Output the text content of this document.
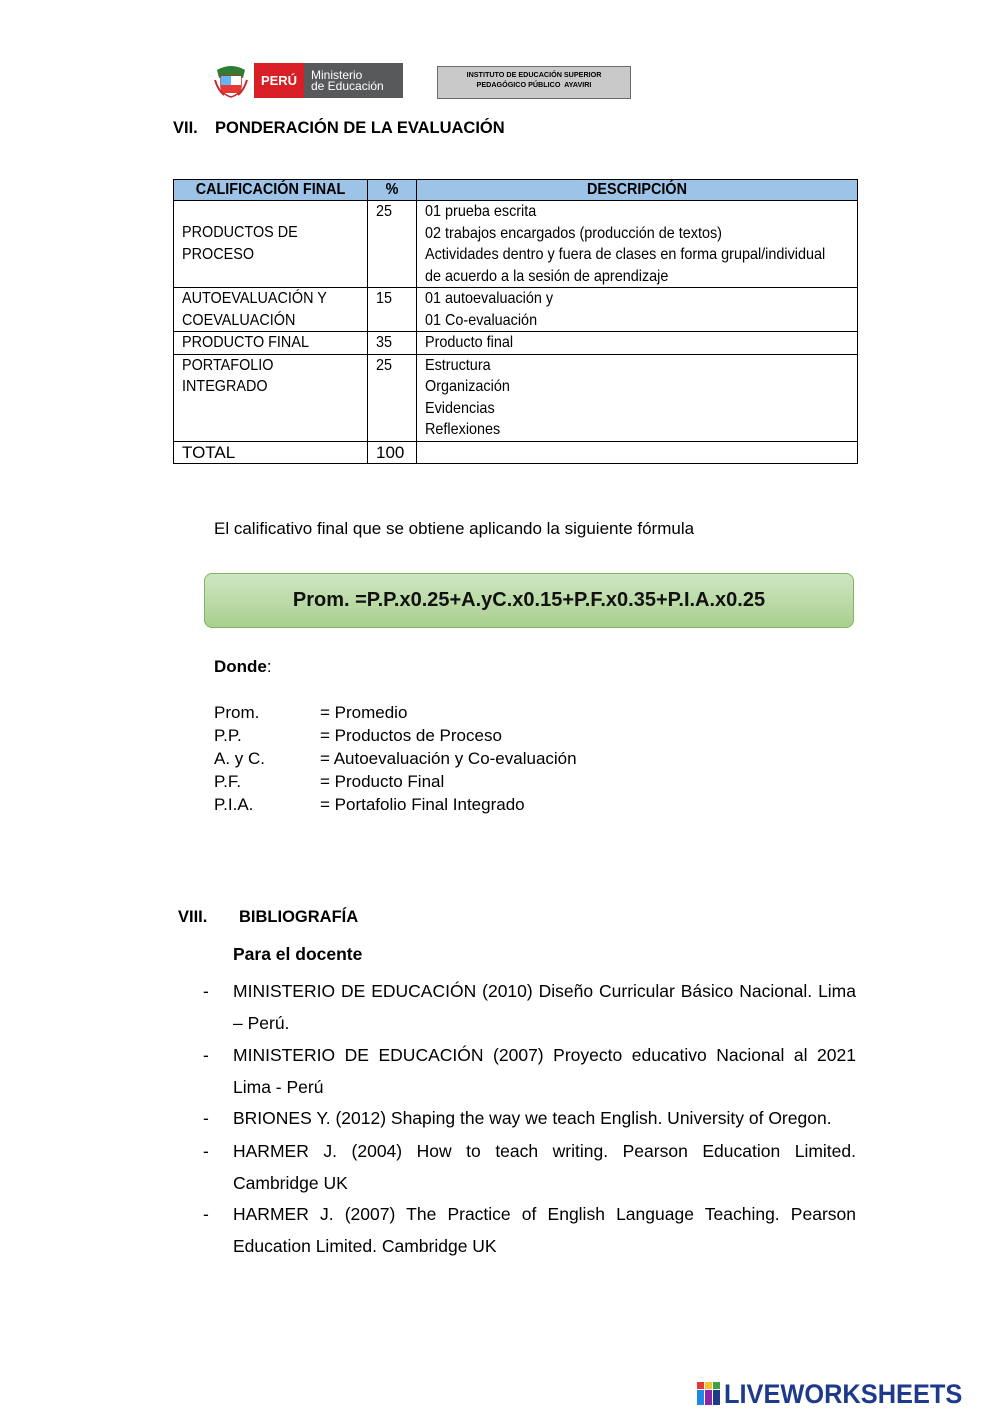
PERÚ	Ministerio
de Educación
INSTITUTO DE EDUCACIÓN SUPERIOR
PEDAGÓGICO PÚBLICO  AYAVIRI
VII. PONDERACIÓN DE LA EVALUACIÓN
CALIFICACIÓN FINAL	%	DESCRIPCIÓN

PRODUCTOS DE
PROCESO	25	01 prueba escrita
02 trabajos encargados (producción de textos)
Actividades dentro y fuera de clases en forma grupal/individual
de acuerdo a la sesión de aprendizaje

AUTOEVALUACIÓN Y
COEVALUACIÓN	15	01 autoevaluación y
01 Co-evaluación

PRODUCTO FINAL	35	Producto final

PORTAFOLIO
INTEGRADO	25	Estructura
Organización
Evidencias
Reflexiones

TOTAL	100	
El calificativo final que se obtiene aplicando la siguiente fórmula
Prom. =P.P.x0.25+A.yC.x0.15+P.F.x0.35+P.I.A.x0.25
Donde:
Prom.	= Promedio
P.P.	= Productos de Proceso
A. y C.	= Autoevaluación y Co-evaluación
P.F.	= Producto Final
P.I.A.	= Portafolio Final Integrado
VIII. BIBLIOGRAFÍA
Para el docente
- MINISTERIO DE EDUCACIÓN (2010) Diseño Curricular Básico Nacional. Lima – Perú.
- MINISTERIO DE EDUCACIÓN (2007) Proyecto educativo Nacional al 2021 Lima - Perú
- BRIONES Y. (2012) Shaping the way we teach English. University of Oregon.
- HARMER J. (2004) How to teach writing. Pearson Education Limited. Cambridge UK
- HARMER J. (2007) The Practice of English Language Teaching. Pearson Education Limited. Cambridge UK
LIVEWORKSHEETS
